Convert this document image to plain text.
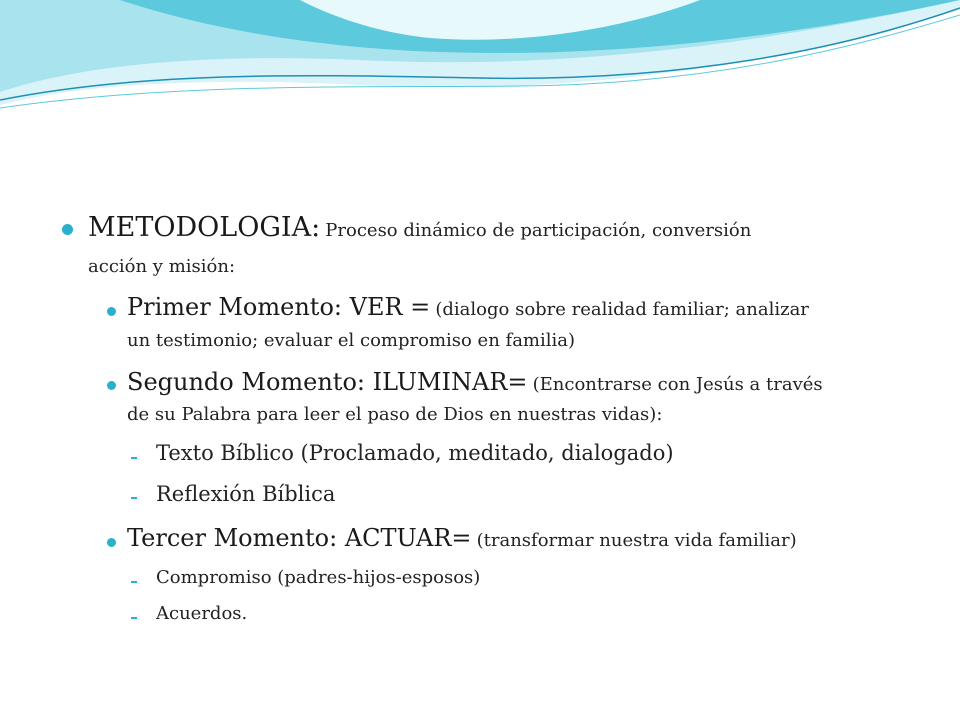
METODOLOGIA: Proceso dinámico de participación, conversión
acción y misión:
Primer Momento: VER = (dialogo sobre realidad familiar; analizar
un testimonio; evaluar el compromiso en familia)
Segundo Momento: ILUMINAR= (Encontrarse con Jesús a través
de su Palabra para leer el paso de Dios en nuestras vidas):
Texto Bíblico (Proclamado, meditado, dialogado)
Reflexión Bíblica
Tercer Momento: ACTUAR= (transformar nuestra vida familiar)
Compromiso (padres-hijos-esposos)
Acuerdos.
